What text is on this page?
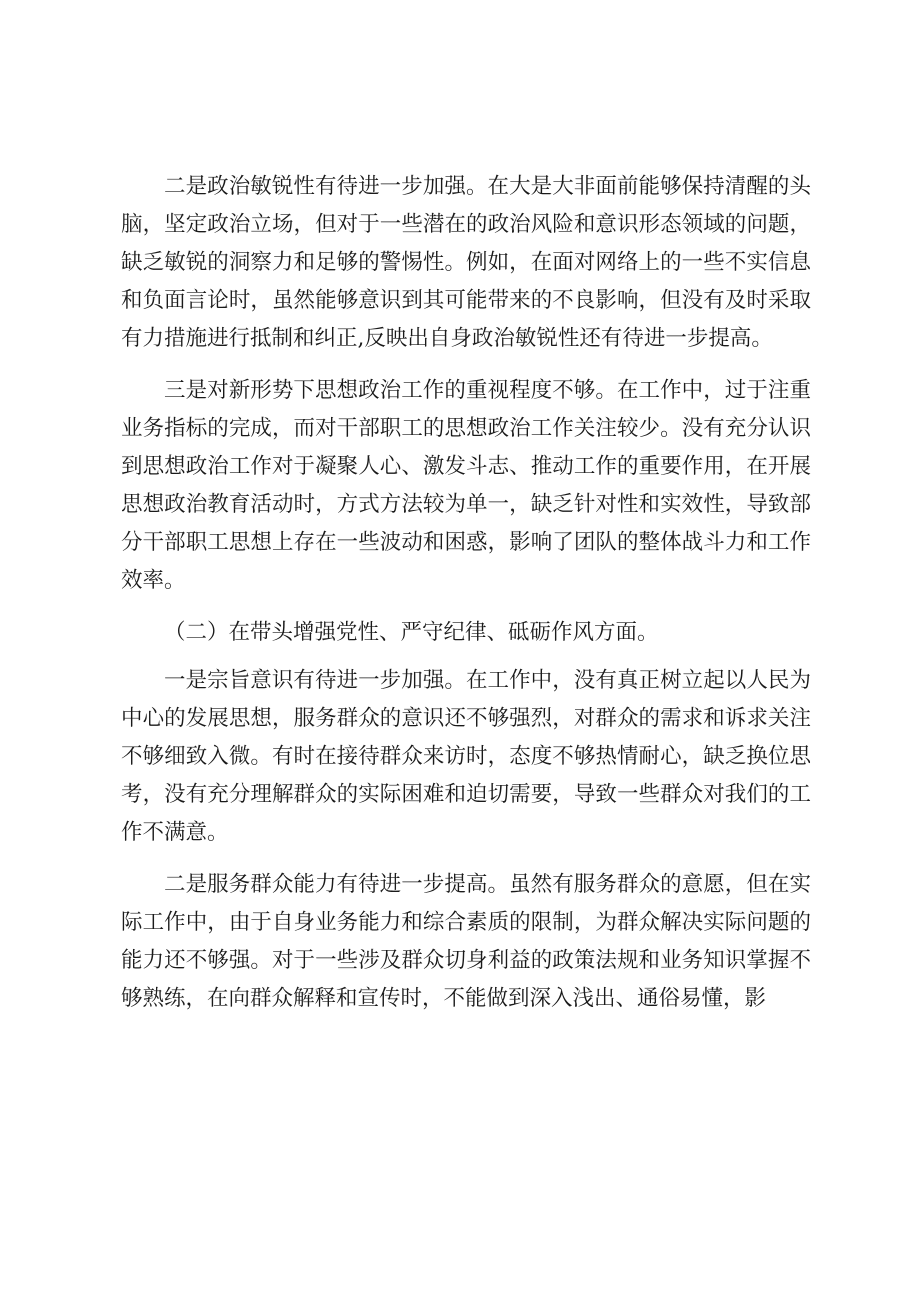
二是政治敏锐性有待进一步加强。在大是大非面前能够保持清醒的头脑，坚定政治立场，但对于一些潜在的政治风险和意识形态领域的问题，缺乏敏锐的洞察力和足够的警惕性。例如，在面对网络上的一些不实信息和负面言论时，虽然能够意识到其可能带来的不良影响，但没有及时采取有力措施进行抵制和纠正,反映出自身政治敏锐性还有待进一步提高。

三是对新形势下思想政治工作的重视程度不够。在工作中，过于注重业务指标的完成，而对干部职工的思想政治工作关注较少。没有充分认识到思想政治工作对于凝聚人心、激发斗志、推动工作的重要作用，在开展思想政治教育活动时，方式方法较为单一，缺乏针对性和实效性，导致部分干部职工思想上存在一些波动和困惑，影响了团队的整体战斗力和工作效率。

（二）在带头增强党性、严守纪律、砥砺作风方面。

一是宗旨意识有待进一步加强。在工作中，没有真正树立起以人民为中心的发展思想，服务群众的意识还不够强烈，对群众的需求和诉求关注不够细致入微。有时在接待群众来访时，态度不够热情耐心，缺乏换位思考，没有充分理解群众的实际困难和迫切需要，导致一些群众对我们的工作不满意。

二是服务群众能力有待进一步提高。虽然有服务群众的意愿，但在实际工作中，由于自身业务能力和综合素质的限制，为群众解决实际问题的能力还不够强。对于一些涉及群众切身利益的政策法规和业务知识掌握不够熟练，在向群众解释和宣传时，不能做到深入浅出、通俗易懂，影
